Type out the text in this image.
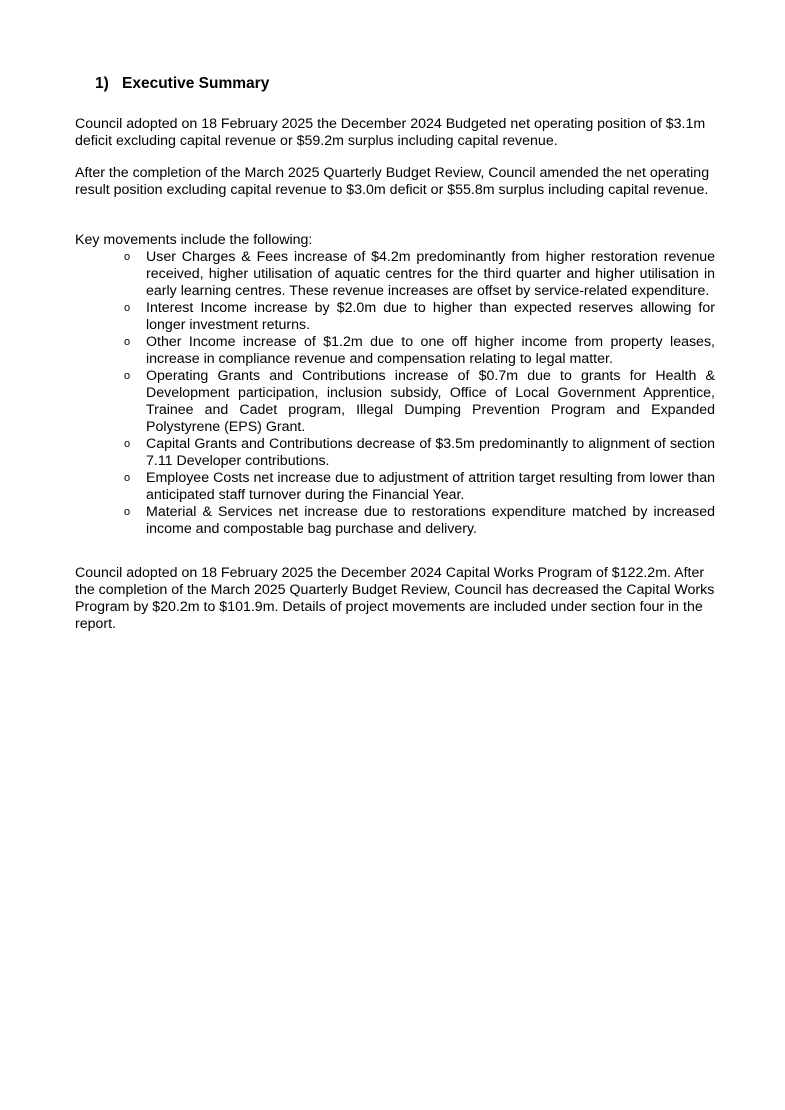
1) Executive Summary
Council adopted on 18 February 2025 the December 2024 Budgeted net operating position of $3.1m deficit excluding capital revenue or $59.2m surplus including capital revenue.
After the completion of the March 2025 Quarterly Budget Review, Council amended the net operating result position excluding capital revenue to $3.0m deficit or $55.8m surplus including capital revenue.
Key movements include the following:
o User Charges & Fees increase of $4.2m predominantly from higher restoration revenue received, higher utilisation of aquatic centres for the third quarter and higher utilisation in early learning centres. These revenue increases are offset by service-related expenditure.
o Interest Income increase by $2.0m due to higher than expected reserves allowing for longer investment returns.
o Other Income increase of $1.2m due to one off higher income from property leases, increase in compliance revenue and compensation relating to legal matter.
o Operating Grants and Contributions increase of $0.7m due to grants for Health & Development participation, inclusion subsidy, Office of Local Government Apprentice, Trainee and Cadet program, Illegal Dumping Prevention Program and Expanded Polystyrene (EPS) Grant.
o Capital Grants and Contributions decrease of $3.5m predominantly to alignment of section 7.11 Developer contributions.
o Employee Costs net increase due to adjustment of attrition target resulting from lower than anticipated staff turnover during the Financial Year.
o Material & Services net increase due to restorations expenditure matched by increased income and compostable bag purchase and delivery.
Council adopted on 18 February 2025 the December 2024 Capital Works Program of $122.2m. After the completion of the March 2025 Quarterly Budget Review, Council has decreased the Capital Works Program by $20.2m to $101.9m. Details of project movements are included under section four in the report.
